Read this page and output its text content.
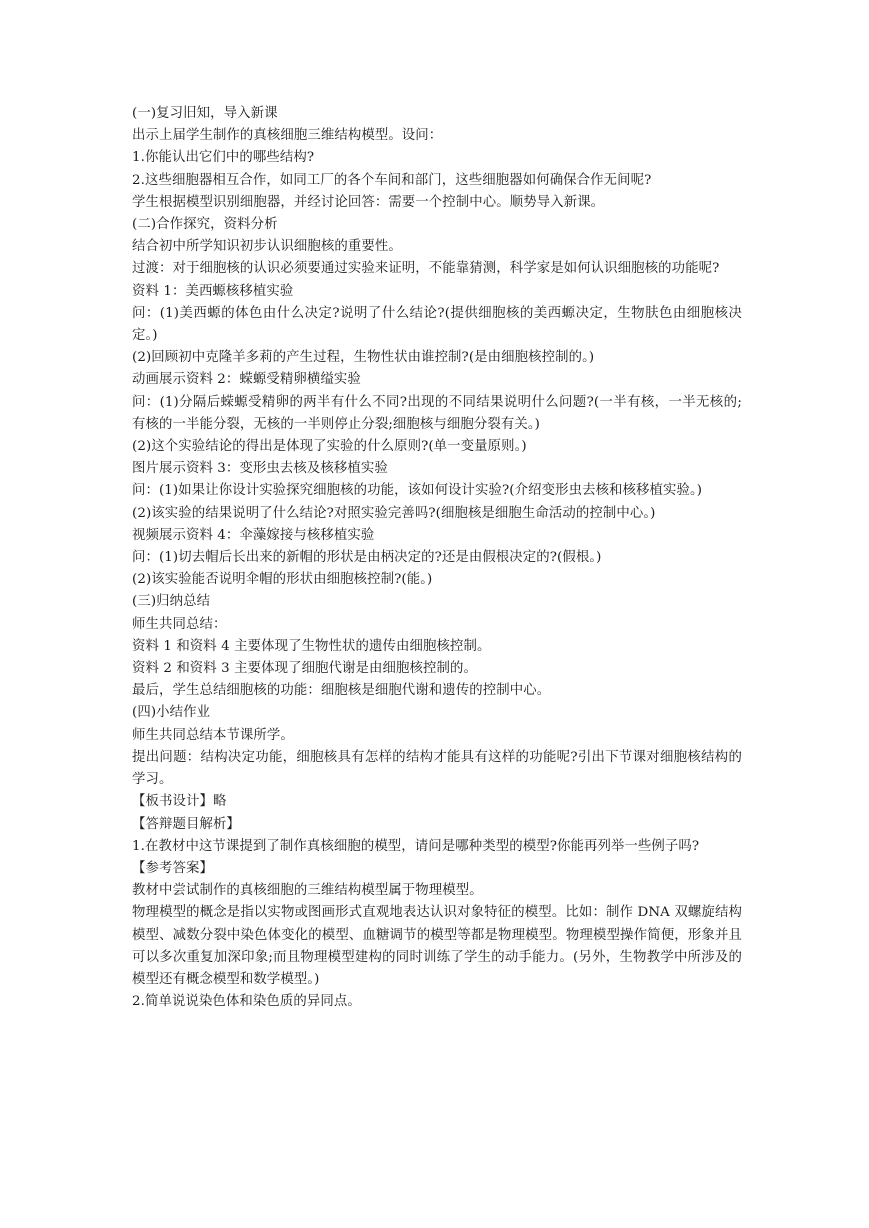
(一)复习旧知，导入新课
出示上届学生制作的真核细胞三维结构模型。设问：
1.你能认出它们中的哪些结构?
2.这些细胞器相互合作，如同工厂的各个车间和部门，这些细胞器如何确保合作无间呢?
学生根据模型识别细胞器，并经讨论回答：需要一个控制中心。顺势导入新课。
(二)合作探究，资料分析
结合初中所学知识初步认识细胞核的重要性。
过渡：对于细胞核的认识必须要通过实验来证明，不能靠猜测，科学家是如何认识细胞核的功能呢?
资料 1：美西螈核移植实验
问：(1)美西螈的体色由什么决定?说明了什么结论?(提供细胞核的美西螈决定，生物肤色由细胞核决定。)
(2)回顾初中克隆羊多莉的产生过程，生物性状由谁控制?(是由细胞核控制的。)
动画展示资料 2：蝾螈受精卵横缢实验
问：(1)分隔后蝾螈受精卵的两半有什么不同?出现的不同结果说明什么问题?(一半有核，一半无核的;有核的一半能分裂，无核的一半则停止分裂;细胞核与细胞分裂有关。)
(2)这个实验结论的得出是体现了实验的什么原则?(单一变量原则。)
图片展示资料 3：变形虫去核及核移植实验
问：(1)如果让你设计实验探究细胞核的功能，该如何设计实验?(介绍变形虫去核和核移植实验。)
(2)该实验的结果说明了什么结论?对照实验完善吗?(细胞核是细胞生命活动的控制中心。)
视频展示资料 4：伞藻嫁接与核移植实验
问：(1)切去帽后长出来的新帽的形状是由柄决定的?还是由假根决定的?(假根。)
(2)该实验能否说明伞帽的形状由细胞核控制?(能。)
(三)归纳总结
师生共同总结：
资料 1 和资料 4 主要体现了生物性状的遗传由细胞核控制。
资料 2 和资料 3 主要体现了细胞代谢是由细胞核控制的。
最后，学生总结细胞核的功能：细胞核是细胞代谢和遗传的控制中心。
(四)小结作业
师生共同总结本节课所学。
提出问题：结构决定功能，细胞核具有怎样的结构才能具有这样的功能呢?引出下节课对细胞核结构的学习。
【板书设计】略
【答辩题目解析】
1.在教材中这节课提到了制作真核细胞的模型，请问是哪种类型的模型?你能再列举一些例子吗?
【参考答案】
教材中尝试制作的真核细胞的三维结构模型属于物理模型。
物理模型的概念是指以实物或图画形式直观地表达认识对象特征的模型。比如：制作 DNA 双螺旋结构模型、减数分裂中染色体变化的模型、血糖调节的模型等都是物理模型。物理模型操作简便，形象并且可以多次重复加深印象;而且物理模型建构的同时训练了学生的动手能力。(另外，生物教学中所涉及的模型还有概念模型和数学模型。)
2.简单说说染色体和染色质的异同点。
